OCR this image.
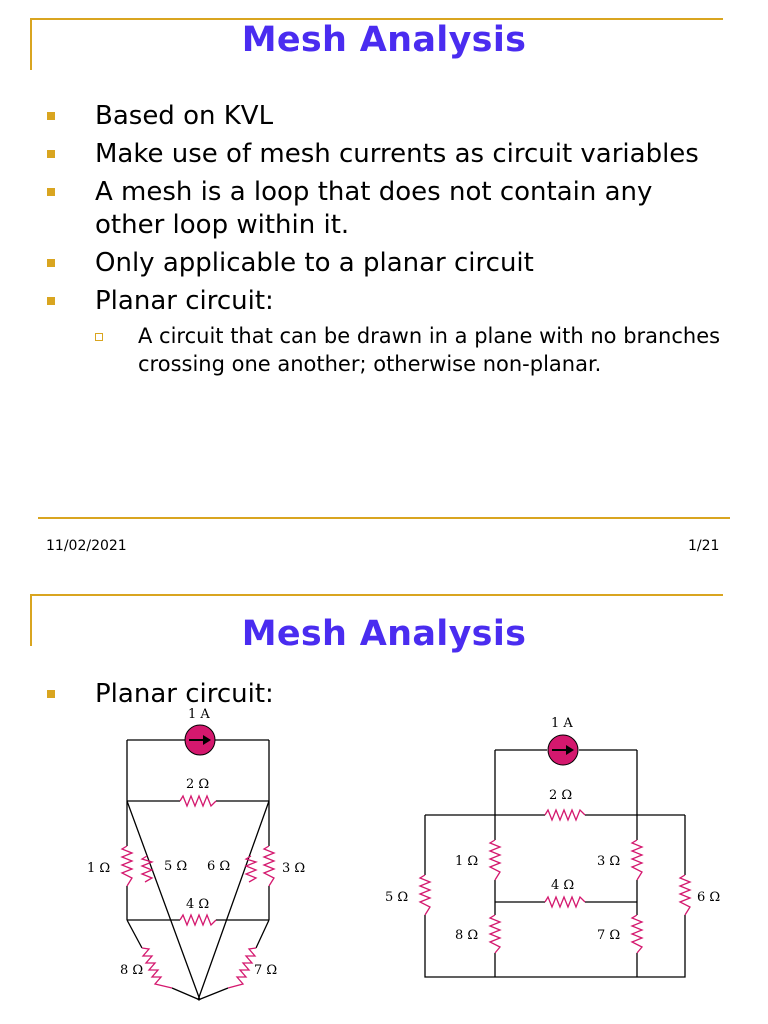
Mesh Analysis
Based on KVL
Make use of mesh currents as circuit variables
A mesh is a loop that does not contain any other loop within it.
Only applicable to a planar circuit
Planar circuit:
A circuit that can be drawn in a plane with no branches crossing one another; otherwise non-planar.
11/02/2021	1/21
Mesh Analysis
Planar circuit:
1 A
2 Ω
1 Ω	5 Ω 6 Ω	3 Ω
4 Ω
8 Ω	7 Ω
1 A
2 Ω
1 Ω	3 Ω
4 Ω
5 Ω	6 Ω
8 Ω	7 Ω
